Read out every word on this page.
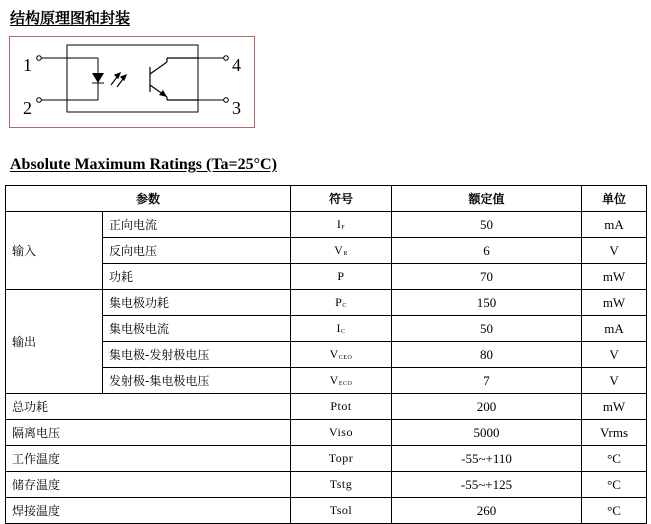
结构原理图和封装
1
2
4
3
Absolute Maximum Ratings (Ta=25°C)
参数		符号	额定值	单位
输入	正向电流	IF	50	mA
	反向电压	VR	6	V
	功耗	P	70	mW
输出	集电极功耗	PC	150	mW
	集电极电流	IC	50	mA
	集电极-发射极电压	VCEO	80	V
	发射极-集电极电压	VECO	7	V
总功耗		Ptot	200	mW
隔离电压		Viso	5000	Vrms
工作温度		Topr	-55~+110	°C
储存温度		Tstg	-55~+125	°C
焊接温度		Tsol	260	°C
